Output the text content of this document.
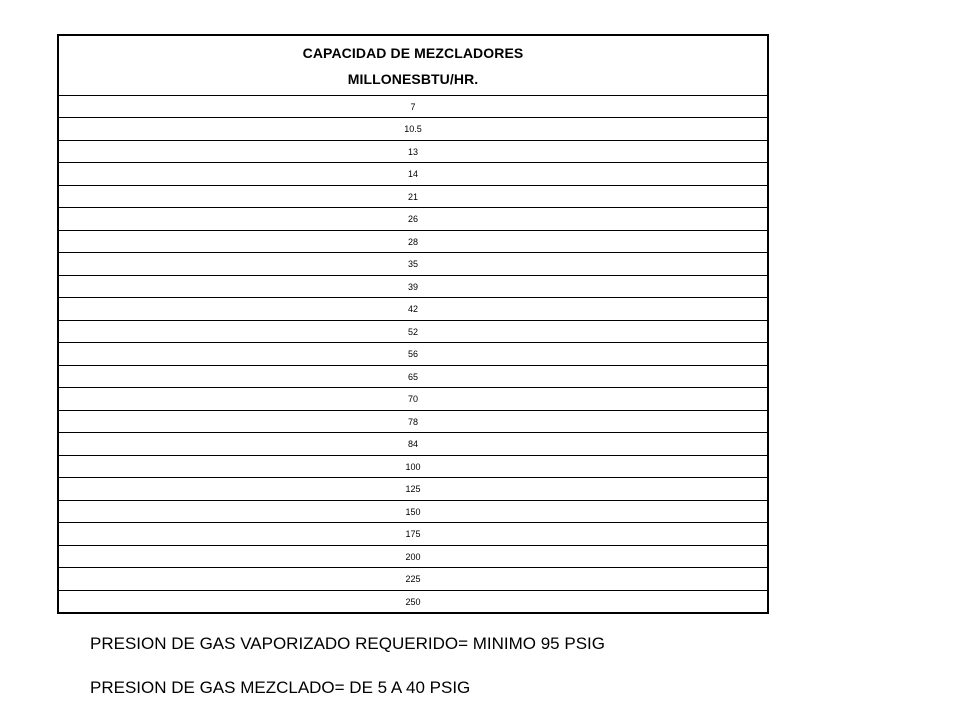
CAPACIDAD DE MEZCLADORES
MILLONESBTU/HR.
7
10.5
13
14
21
26
28
35
39
42
52
56
65
70
78
84
100
125
150
175
200
225
250
PRESION DE GAS VAPORIZADO REQUERIDO= MINIMO 95 PSIG
PRESION DE GAS MEZCLADO= DE 5 A 40 PSIG
